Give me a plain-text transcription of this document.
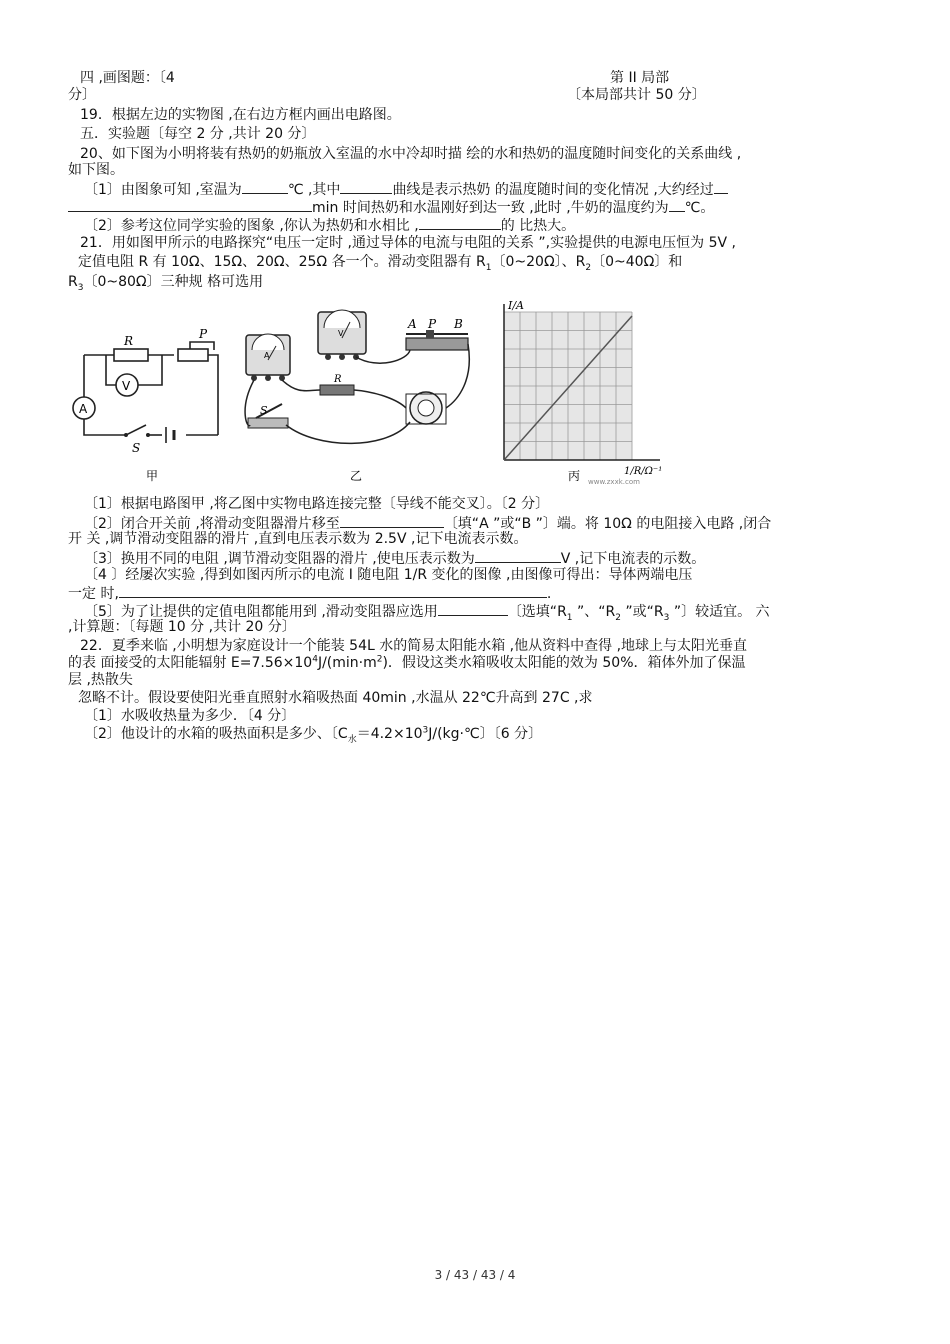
四 ,画图题：〔4
分〕
第 II 局部
〔本局部共计 50 分〕
19．根据左边的实物图 ,在右边方框内画出电路图。
五．实验题〔每空 2 分 ,共计 20 分〕
20、如下图为小明将装有热奶的奶瓶放入室温的水中冷却时描 绘的水和热奶的温度随时间变化的关系曲线 ,
如下图。
〔1〕由图象可知 ,室温为	℃ ,其中	曲线是表示热奶 的温度随时间的变化情况 ,大约经过
min 时间热奶和水温刚好到达一致 ,此时 ,牛奶的温度约为 ℃。
〔2〕参考这位同学实验的图象 ,你认为热奶和水相比 ,	的 比热大。
21．用如图甲所示的电路探究“电压一定时 ,通过导体的电流与电阻的关系 ”,实验提供的电源电压恒为 5V ,
定值电阻 R 有 10Ω、15Ω、20Ω、25Ω 各一个。滑动变阻器有 $R_1$〔0~20Ω〕、$R_2$〔0~40Ω〕和
$R_3$〔0~80Ω〕三种规 格可选用
R	P
V
A
S
甲
A
V
A P B
R
S
乙
I/A
1/R/Ω⁻¹
丙 www.zxxk.com
〔1〕根据电路图甲 ,将乙图中实物电路连接完整〔导线不能交叉〕。〔2 分〕
〔2〕闭合开关前 ,将滑动变阻器滑片移至	〔填“A ”或“B ”〕端。将 10Ω 的电阻接入电路 ,闭合
开 关 ,调节滑动变阻器的滑片 ,直到电压表示数为 2.5V ,记下电流表示数。
〔3〕换用不同的电阻 ,调节滑动变阻器的滑片 ,使电压表示数为	V ,记下电流表的示数。
〔4 〕经屡次实验 ,得到如图丙所示的电流 I 随电阻 1/R 变化的图像 ,由图像可得出：导体两端电压
一定 时,	.
〔5〕为了让提供的定值电阻都能用到 ,滑动变阻器应选用	〔选填“$R_1$ ”、“$R_2$ ”或“$R_3$ ”〕较适宜。 六
,计算题：〔每题 10 分 ,共计 20 分〕
22．夏季来临 ,小明想为家庭设计一个能装 54L 水的简易太阳能水箱 ,他从资料中查得 ,地球上与太阳光垂直
的表 面接受的太阳能辐射 $E=7.56\times 10^4J/(\min\cdot m^2)$．假设这类水箱吸收太阳能的效为 50%．箱体外加了保温
层 ,热散失
忽略不计。假设要使阳光垂直照射水箱吸热面 40min ,水温从 22℃升高到 27C ,求
〔1〕水吸收热量为多少．〔4 分〕
〔2〕他设计的水箱的吸热面积是多少、〔$C_水=4.2\times 10^3J/(kg\cdot℃$〕〔6 分〕
3 / 43 / 43 / 4
